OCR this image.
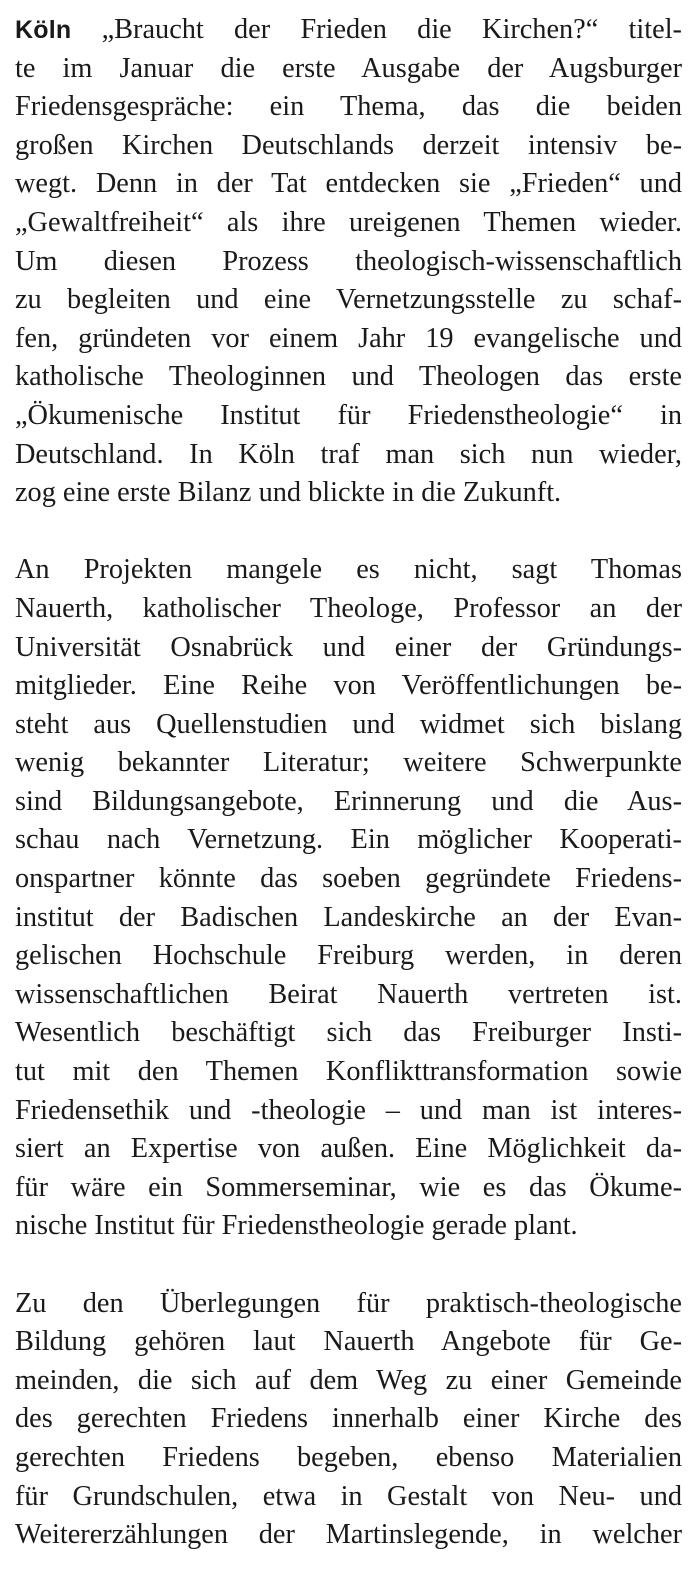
Köln „Braucht der Frieden die Kirchen?“ titel-
te im Januar die erste Ausgabe der Augsburger
Friedensgespräche: ein Thema, das die beiden
großen Kirchen Deutschlands derzeit intensiv be-
wegt. Denn in der Tat entdecken sie „Frieden“ und
„Gewaltfreiheit“ als ihre ureigenen Themen wieder.
Um diesen Prozess theologisch-wissenschaftlich
zu begleiten und eine Vernetzungsstelle zu schaf-
fen, gründeten vor einem Jahr 19 evangelische und
katholische Theologinnen und Theologen das erste
„Ökumenische Institut für Friedenstheologie“ in
Deutschland. In Köln traf man sich nun wieder,
zog eine erste Bilanz und blickte in die Zukunft.
An Projekten mangele es nicht, sagt Thomas
Nauerth, katholischer Theologe, Professor an der
Universität Osnabrück und einer der Gründungs-
mitglieder. Eine Reihe von Veröffentlichungen be-
steht aus Quellenstudien und widmet sich bislang
wenig bekannter Literatur; weitere Schwerpunkte
sind Bildungsangebote, Erinnerung und die Aus-
schau nach Vernetzung. Ein möglicher Kooperati-
onspartner könnte das soeben gegründete Friedens-
institut der Badischen Landeskirche an der Evan-
gelischen Hochschule Freiburg werden, in deren
wissenschaftlichen Beirat Nauerth vertreten ist.
Wesentlich beschäftigt sich das Freiburger Insti-
tut mit den Themen Konflikttransformation sowie
Friedensethik und -theologie – und man ist interes-
siert an Expertise von außen. Eine Möglichkeit da-
für wäre ein Sommerseminar, wie es das Ökume-
nische Institut für Friedenstheologie gerade plant.
Zu den Überlegungen für praktisch-theologische
Bildung gehören laut Nauerth Angebote für Ge-
meinden, die sich auf dem Weg zu einer Gemeinde
des gerechten Friedens innerhalb einer Kirche des
gerechten Friedens begeben, ebenso Materialien
für Grundschulen, etwa in Gestalt von Neu- und
Weitererzählungen der Martinslegende, in welcher
